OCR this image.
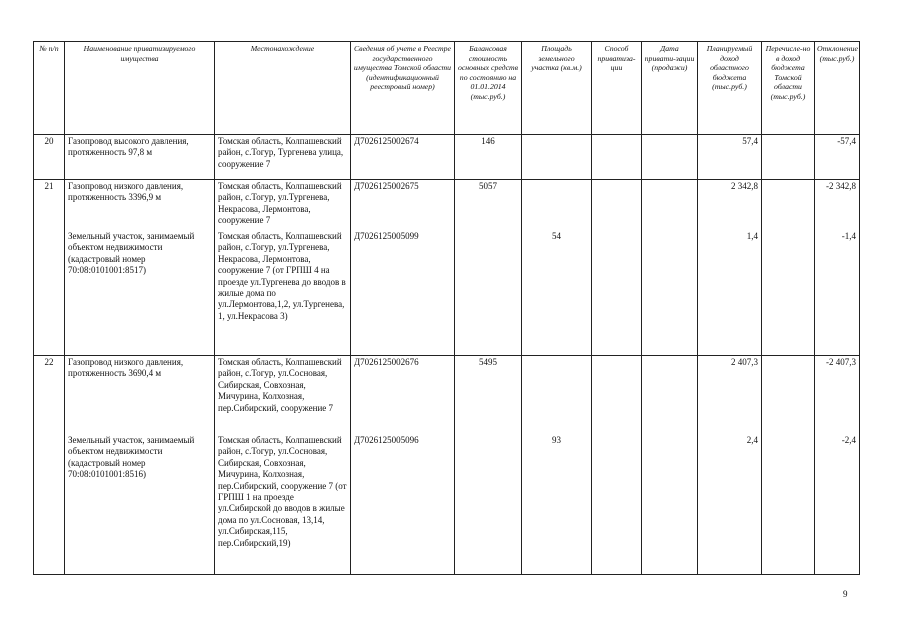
№ п/п	Наименование приватизируемого имущества	Местонахождение	Сведения об учете в Реестре государственного имущества Томской области (идентификационный реестровый номер)	Балансовая стоимость основных средств по состоянию на 01.01.2014 (тыс.руб.)	Площадь земельного участка (кв.м.)	Способ приватиза-ции	Дата привати-зации (продажи)	Планируемый доход областного бюджета (тыс.руб.)	Перечисле-но в доход бюджета Томской области (тыс.руб.)	Отклонение (тыс.руб.)
20	Газопровод высокого давления, протяженность 97,8 м	Томская область, Колпашевский район, с.Тогур, Тургенева улица, сооружение 7	Д7026125002674	146				57,4		-57,4
21	Газопровод низкого давления, протяженность 3396,9 м	Томская область, Колпашевский район, с.Тогур, ул.Тургенева, Некрасова, Лермонтова, сооружение 7	Д7026125002675	5057				2 342,8		-2 342,8
	Земельный участок, занимаемый объектом недвижимости (кадастровый номер 70:08:0101001:8517)	Томская область, Колпашевский район, с.Тогур, ул.Тургенева, Некрасова, Лермонтова, сооружение 7 (от ГРПШ 4 на проезде ул.Тургенева до вводов в жилые дома по ул.Лермонтова,1,2, ул.Тургенева, 1, ул.Некрасова 3)	Д7026125005099		54			1,4		-1,4
22	Газопровод низкого давления, протяженность 3690,4 м	Томская область, Колпашевский район, с.Тогур, ул.Сосновая, Сибирская, Совхозная, Мичурина, Колхозная, пер.Сибирский, сооружение 7	Д7026125002676	5495				2 407,3		-2 407,3
	Земельный участок, занимаемый объектом недвижимости (кадастровый номер 70:08:0101001:8516)	Томская область, Колпашевский район, с.Тогур, ул.Сосновая, Сибирская, Совхозная, Мичурина, Колхозная, пер.Сибирский, сооружение 7 (от ГРПШ 1 на проезде ул.Сибирской до вводов в жилые дома по ул.Сосновая, 13,14, ул.Сибирская,115, пер.Сибирский,19)	Д7026125005096		93			2,4		-2,4
9
